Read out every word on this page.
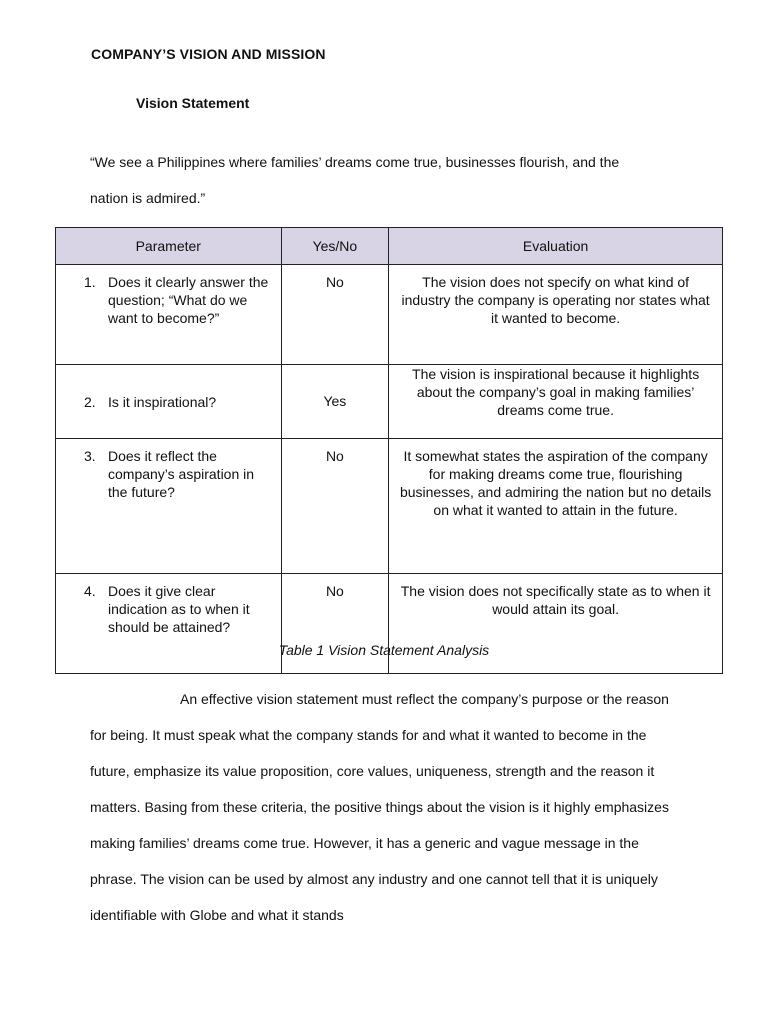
COMPANY’S VISION AND MISSION
Vision Statement
“We see a Philippines where families’ dreams come true, businesses flourish, and the
nation is admired.”
Parameter	Yes/No	Evaluation

1. Does it clearly answer the question; “What do we want to become?”	No	The vision does not specify on what kind of industry the company is operating nor states what it wanted to become.

2. Is it inspirational?	Yes	The vision is inspirational because it highlights about the company’s goal in making families’ dreams come true.

3. Does it reflect the company’s aspiration in the future?	No	It somewhat states the aspiration of the company for making dreams come true, flourishing businesses, and admiring the nation but no details on what it wanted to attain in the future.

4. Does it give clear indication as to when it should be attained?	No	The vision does not specifically state as to when it would attain its goal.
Table 1 Vision Statement Analysis

An effective vision statement must reflect the company’s purpose or the reason for being. It must speak what the company stands for and what it wanted to become in the future, emphasize its value proposition, core values, uniqueness, strength and the reason it matters. Basing from these criteria, the positive things about the vision is it highly emphasizes making families’ dreams come true. However, it has a generic and vague message in the phrase. The vision can be used by almost any industry and one cannot tell that it is uniquely identifiable with Globe and what it stands
